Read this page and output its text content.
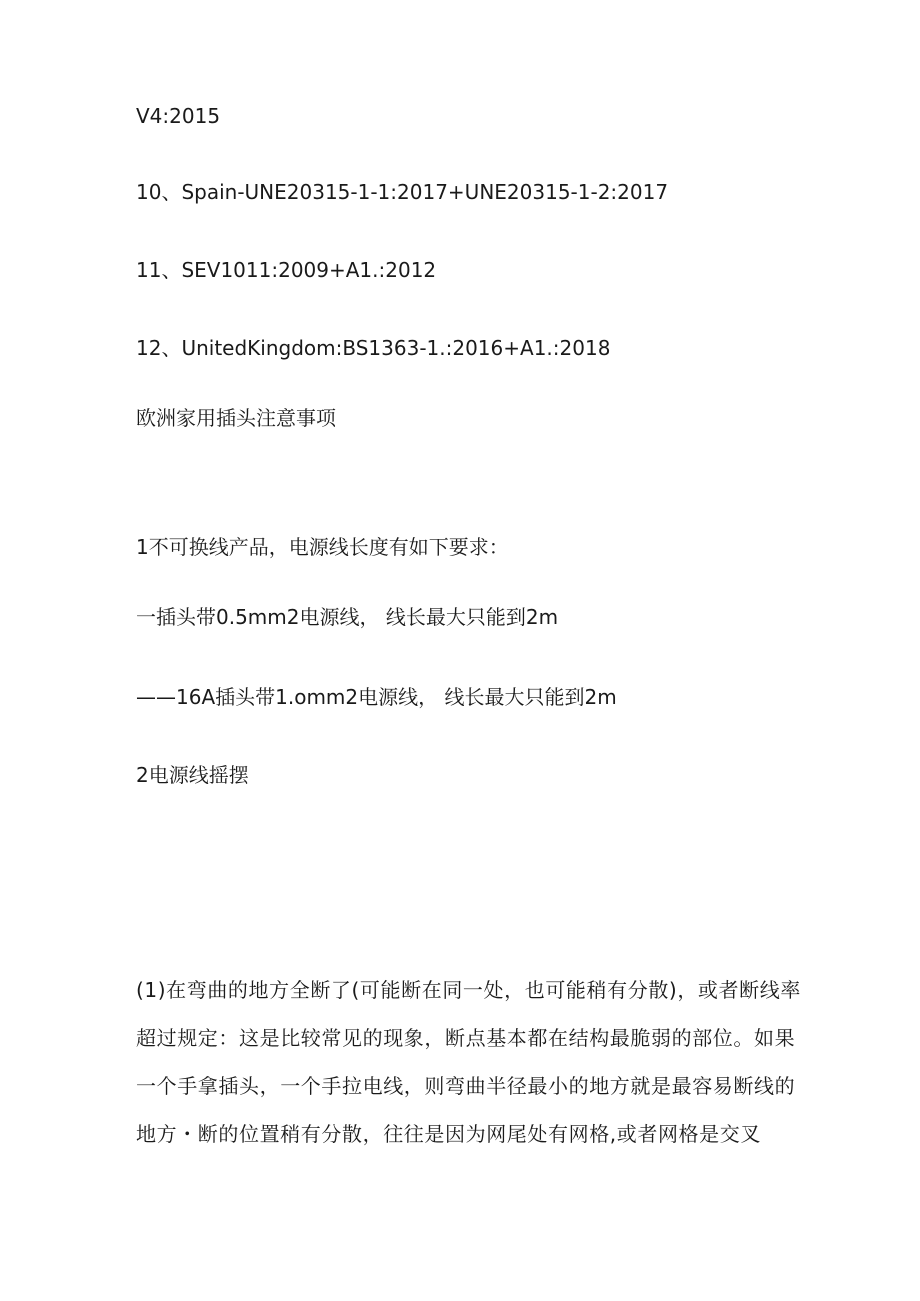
V4:2015
10、Spain-UNE20315-1-1:2017+UNE20315-1-2:2017
11、SEV1011:2009+A1.:2012
12、UnitedKingdom:BS1363-1.:2016+A1.:2018
欧洲家用插头注意事项
1不可换线产品，电源线长度有如下要求：
一插头带0.5mm2电源线， 线长最大只能到2m
——16A插头带1.omm2电源线， 线长最大只能到2m
2电源线摇摆
(1)在弯曲的地方全断了(可能断在同一处，也可能稍有分散)，或者断线率
超过规定：这是比较常见的现象，断点基本都在结构最脆弱的部位。如果
一个手拿插头，一个手拉电线，则弯曲半径最小的地方就是最容易断线的
地方・断的位置稍有分散，往往是因为网尾处有网格,或者网格是交叉
